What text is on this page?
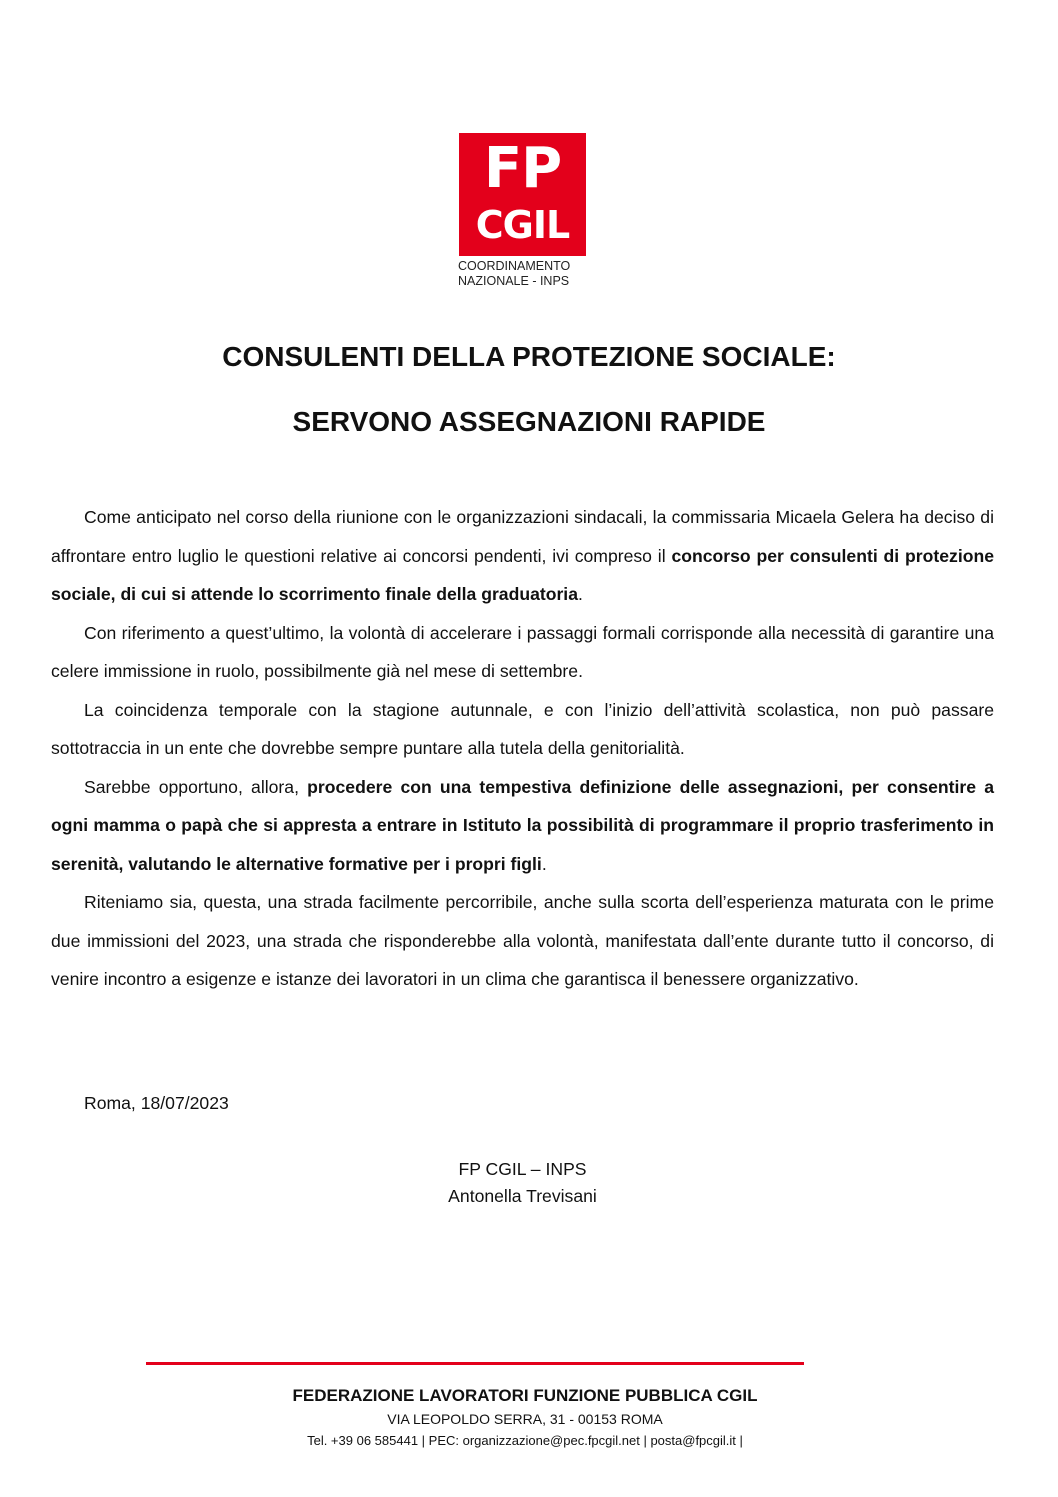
FP
CGIL
COORDINAMENTO
NAZIONALE - INPS
CONSULENTI DELLA PROTEZIONE SOCIALE:
SERVONO ASSEGNAZIONI RAPIDE

Come anticipato nel corso della riunione con le organizzazioni sindacali, la commissaria Micaela Gelera ha deciso di affrontare entro luglio le questioni relative ai concorsi pendenti, ivi compreso il concorso per consulenti di protezione sociale, di cui si attende lo scorrimento finale della graduatoria.

Con riferimento a quest’ultimo, la volontà di accelerare i passaggi formali corrisponde alla necessità di garantire una celere immissione in ruolo, possibilmente già nel mese di settembre.

La coincidenza temporale con la stagione autunnale, e con l’inizio dell’attività scolastica, non può passare sottotraccia in un ente che dovrebbe sempre puntare alla tutela della genitorialità.

Sarebbe opportuno, allora, procedere con una tempestiva definizione delle assegnazioni, per consentire a ogni mamma o papà che si appresta a entrare in Istituto la possibilità di programmare il proprio trasferimento in serenità, valutando le alternative formative per i propri figli.

Riteniamo sia, questa, una strada facilmente percorribile, anche sulla scorta dell’esperienza maturata con le prime due immissioni del 2023, una strada che risponderebbe alla volontà, manifestata dall’ente durante tutto il concorso, di venire incontro a esigenze e istanze dei lavoratori in un clima che garantisca il benessere organizzativo.

Roma, 18/07/2023
FP CGIL – INPS
Antonella Trevisani
FEDERAZIONE LAVORATORI FUNZIONE PUBBLICA CGIL
VIA LEOPOLDO SERRA, 31 - 00153 ROMA
Tel. +39 06 585441 | PEC: organizzazione@pec.fpcgil.net | posta@fpcgil.it |
